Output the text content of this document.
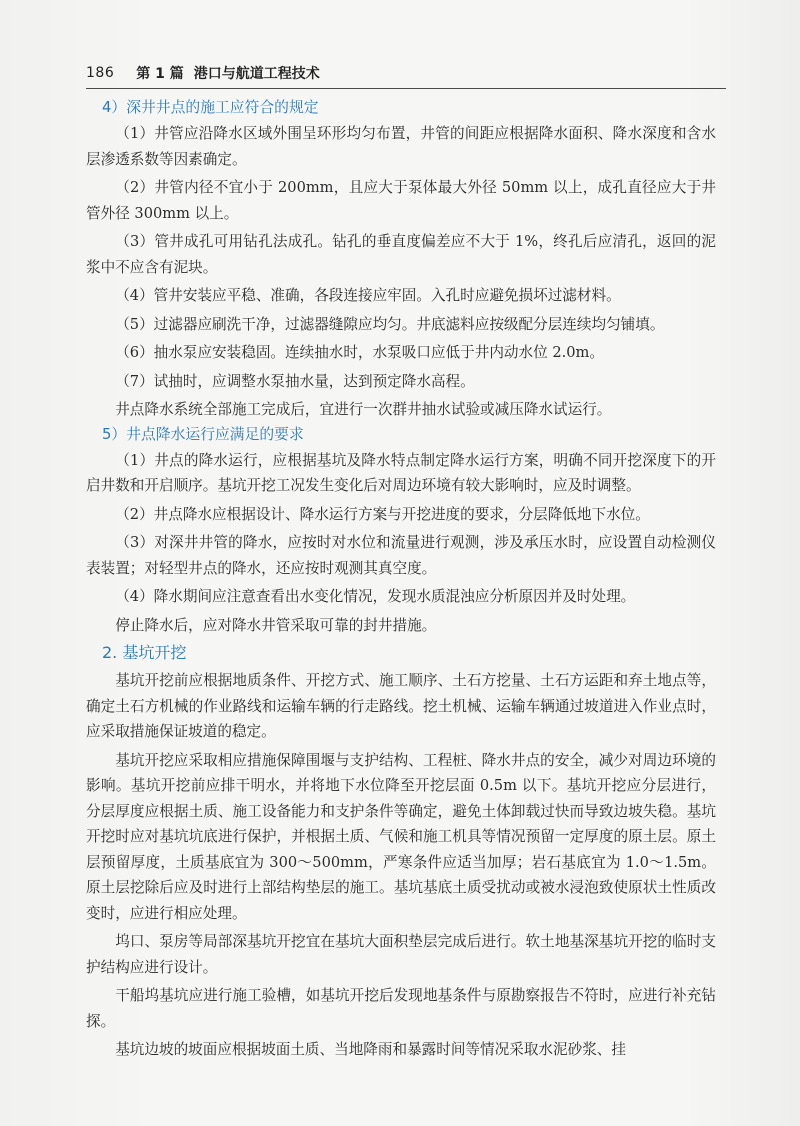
186 第 1 篇 港口与航道工程技术
4）深井井点的施工应符合的规定

（1）井管应沿降水区域外围呈环形均匀布置，井管的间距应根据降水面积、降水深度和含水层渗透系数等因素确定。

（2）井管内径不宜小于 200mm，且应大于泵体最大外径 50mm 以上，成孔直径应大于井管外径 300mm 以上。

（3）管井成孔可用钻孔法成孔。钻孔的垂直度偏差应不大于 1%，终孔后应清孔，返回的泥浆中不应含有泥块。

（4）管井安装应平稳、准确，各段连接应牢固。入孔时应避免损坏过滤材料。

（5）过滤器应刷洗干净，过滤器缝隙应均匀。井底滤料应按级配分层连续均匀铺填。

（6）抽水泵应安装稳固。连续抽水时，水泵吸口应低于井内动水位 2.0m。

（7）试抽时，应调整水泵抽水量，达到预定降水高程。

井点降水系统全部施工完成后，宜进行一次群井抽水试验或减压降水试运行。

5）井点降水运行应满足的要求

（1）井点的降水运行，应根据基坑及降水特点制定降水运行方案，明确不同开挖深度下的开启井数和开启顺序。基坑开挖工况发生变化后对周边环境有较大影响时，应及时调整。

（2）井点降水应根据设计、降水运行方案与开挖进度的要求，分层降低地下水位。

（3）对深井井管的降水，应按时对水位和流量进行观测，涉及承压水时，应设置自动检测仪表装置；对轻型井点的降水，还应按时观测其真空度。

（4）降水期间应注意查看出水变化情况，发现水质混浊应分析原因并及时处理。

停止降水后，应对降水井管采取可靠的封井措施。

2. 基坑开挖

基坑开挖前应根据地质条件、开挖方式、施工顺序、土石方挖量、土石方运距和弃土地点等，确定土石方机械的作业路线和运输车辆的行走路线。挖土机械、运输车辆通过坡道进入作业点时，应采取措施保证坡道的稳定。

基坑开挖应采取相应措施保障围堰与支护结构、工程桩、降水井点的安全，减少对周边环境的影响。基坑开挖前应排干明水，并将地下水位降至开挖层面 0.5m 以下。基坑开挖应分层进行，分层厚度应根据土质、施工设备能力和支护条件等确定，避免土体卸载过快而导致边坡失稳。基坑开挖时应对基坑坑底进行保护，并根据土质、气候和施工机具等情况预留一定厚度的原土层。原土层预留厚度，土质基底宜为 300～500mm，严寒条件应适当加厚；岩石基底宜为 1.0～1.5m。原土层挖除后应及时进行上部结构垫层的施工。基坑基底土质受扰动或被水浸泡致使原状土性质改变时，应进行相应处理。

坞口、泵房等局部深基坑开挖宜在基坑大面积垫层完成后进行。软土地基深基坑开挖的临时支护结构应进行设计。

干船坞基坑应进行施工验槽，如基坑开挖后发现地基条件与原勘察报告不符时，应进行补充钻探。

基坑边坡的坡面应根据坡面土质、当地降雨和暴露时间等情况采取水泥砂浆、挂
